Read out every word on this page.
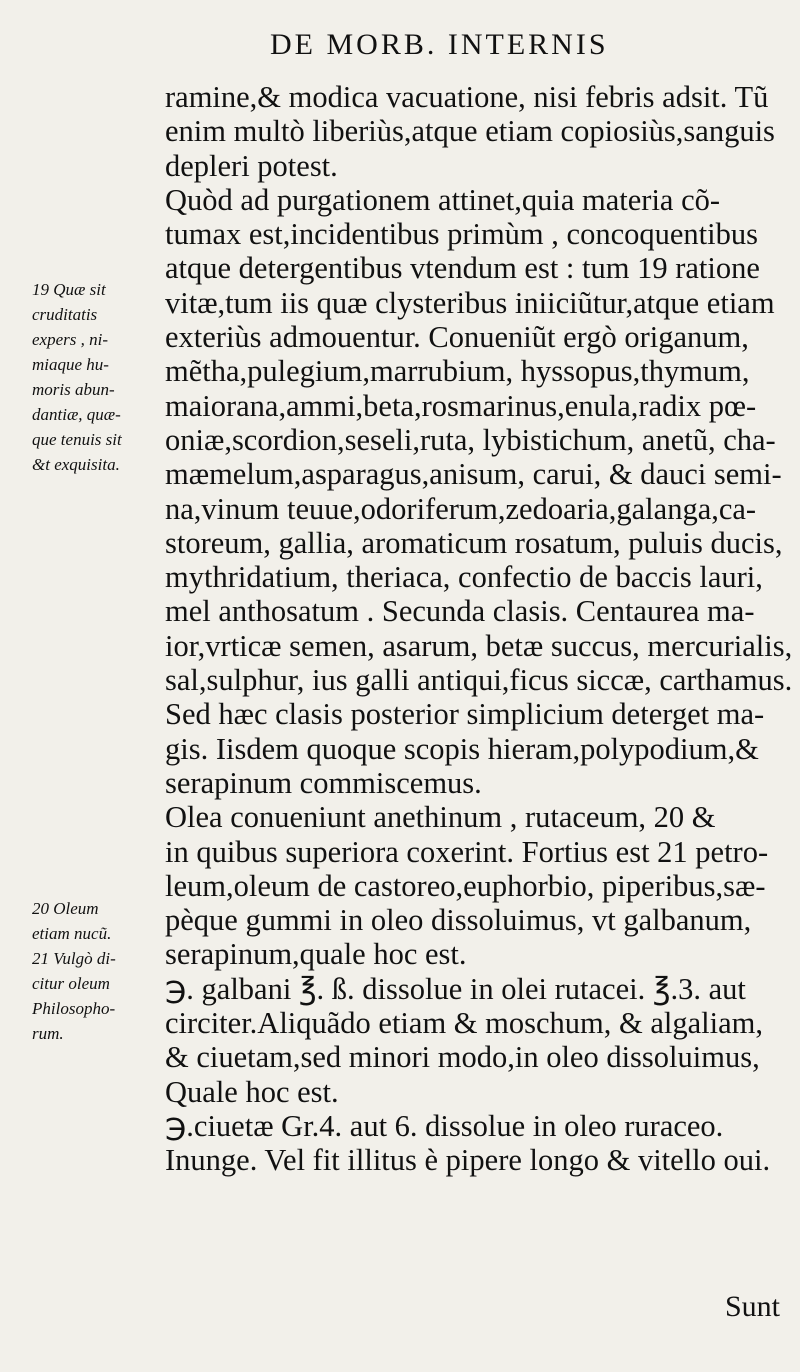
DE MORB. INTERNIS
ramine,& modica vacuatione, nisi febris adsit. Tũ
enim multò liberiùs,atque etiam copiosiùs,sanguis
depleri potest.
Quòd ad purgationem attinet,quia materia cõ-
tumax est,incidentibus primùm , concoquentibus
atque detergentibus vtendum est : tum 19 ratione
vitæ,tum iis quæ clysteribus iniiciũtur,atque etiam
exteriùs admouentur. Conueniũt ergò origanum,
mẽtha,pulegium,marrubium, hyssopus,thymum,
maiorana,ammi,beta,rosmarinus,enula,radix pœ-
oniæ,scordion,seseli,ruta, lybistichum, anetũ, cha-
mæmelum,asparagus,anisum, carui, & dauci semi-
na,vinum teuue,odoriferum,zedoaria,galanga,ca-
storeum, gallia, aromaticum rosatum, puluis ducis,
mythridatium, theriaca, confectio de baccis lauri,
mel anthosatum . Secunda clasis. Centaurea ma-
ior,vrticæ semen, asarum, betæ succus, mercurialis,
sal,sulphur, ius galli antiqui,ficus siccæ, carthamus.
Sed hæc clasis posterior simplicium deterget ma-
gis. Iisdem quoque scopis hieram,polypodium,&
serapinum commiscemus.
Olea conueniunt anethinum , rutaceum, 20 &
in quibus superiora coxerint. Fortius est 21 petro-
leum,oleum de castoreo,euphorbio, piperibus,sæ-
pèque gummi in oleo dissoluimus, vt galbanum,
serapinum,quale hoc est.
℈. galbani ℥. ß. dissolue in olei rutacei. ℥.3. aut
circiter.Aliquãdo etiam & moschum, & algaliam,
& ciuetam,sed minori modo,in oleo dissoluimus,
Quale hoc est.
℈.ciuetæ Gr.4. aut 6. dissolue in oleo ruraceo.
Inunge. Vel fit illitus è pipere longo & vitello oui.
19 Quæ sit
cruditatis
expers , ni-
miaque hu-
moris abun-
dantiæ, quæ-
que tenuis sit
&t exquisita.
20 Oleum
etiam nucũ.
21 Vulgò di-
citur oleum
Philosopho-
rum.
Sunt
